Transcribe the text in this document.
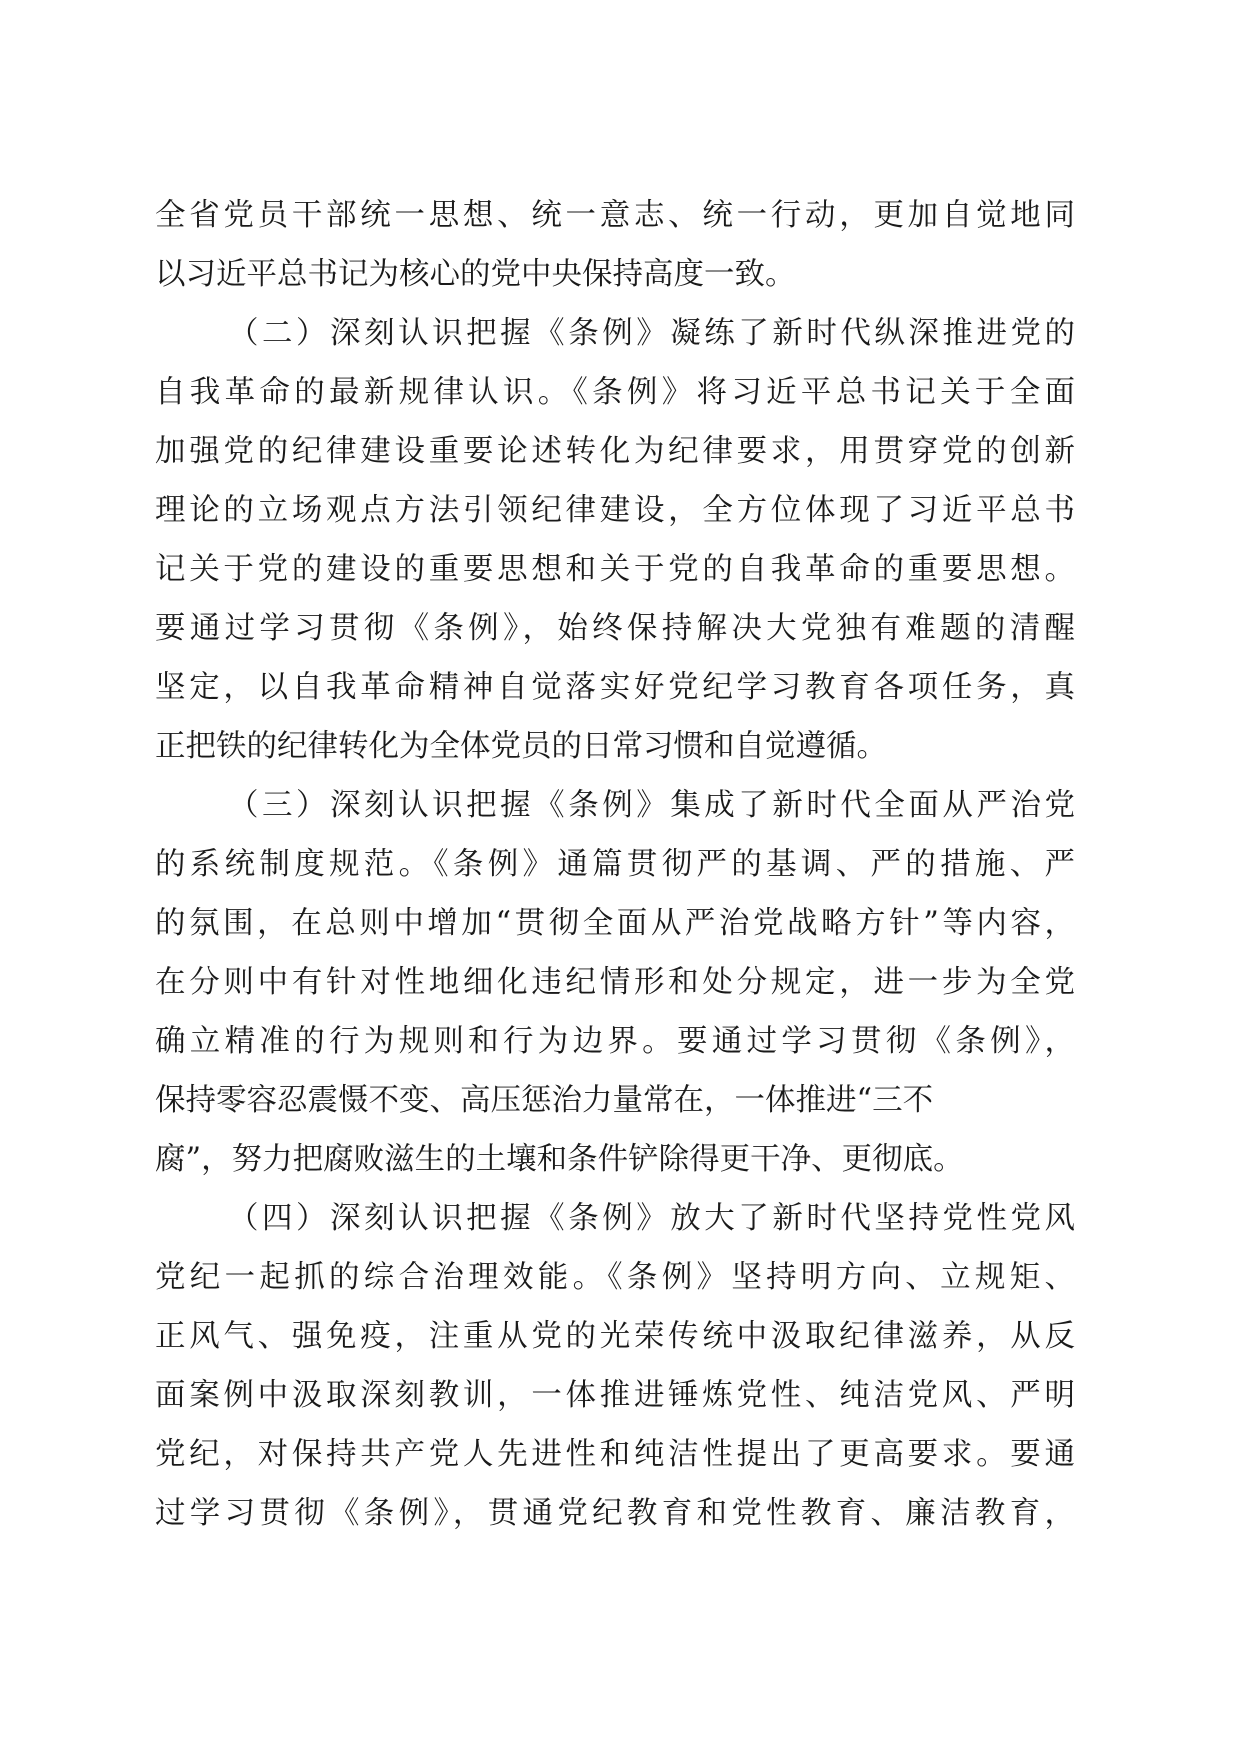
全省党员干部统一思想、统一意志、统一行动，更加自觉地同
以习近平总书记为核心的党中央保持高度一致。
（二）深刻认识把握《条例》凝练了新时代纵深推进党的
自我革命的最新规律认识。《条例》将习近平总书记关于全面
加强党的纪律建设重要论述转化为纪律要求，用贯穿党的创新
理论的立场观点方法引领纪律建设，全方位体现了习近平总书
记关于党的建设的重要思想和关于党的自我革命的重要思想。
要通过学习贯彻《条例》，始终保持解决大党独有难题的清醒
坚定，以自我革命精神自觉落实好党纪学习教育各项任务，真
正把铁的纪律转化为全体党员的日常习惯和自觉遵循。
（三）深刻认识把握《条例》集成了新时代全面从严治党
的系统制度规范。《条例》通篇贯彻严的基调、严的措施、严
的氛围，在总则中增加“贯彻全面从严治党战略方针”等内容，
在分则中有针对性地细化违纪情形和处分规定，进一步为全党
确立精准的行为规则和行为边界。要通过学习贯彻《条例》，
保持零容忍震慑不变、高压惩治力量常在，一体推进“三不
腐”，努力把腐败滋生的土壤和条件铲除得更干净、更彻底。
（四）深刻认识把握《条例》放大了新时代坚持党性党风
党纪一起抓的综合治理效能。《条例》坚持明方向、立规矩、
正风气、强免疫，注重从党的光荣传统中汲取纪律滋养，从反
面案例中汲取深刻教训，一体推进锤炼党性、纯洁党风、严明
党纪，对保持共产党人先进性和纯洁性提出了更高要求。要通
过学习贯彻《条例》，贯通党纪教育和党性教育、廉洁教育，
